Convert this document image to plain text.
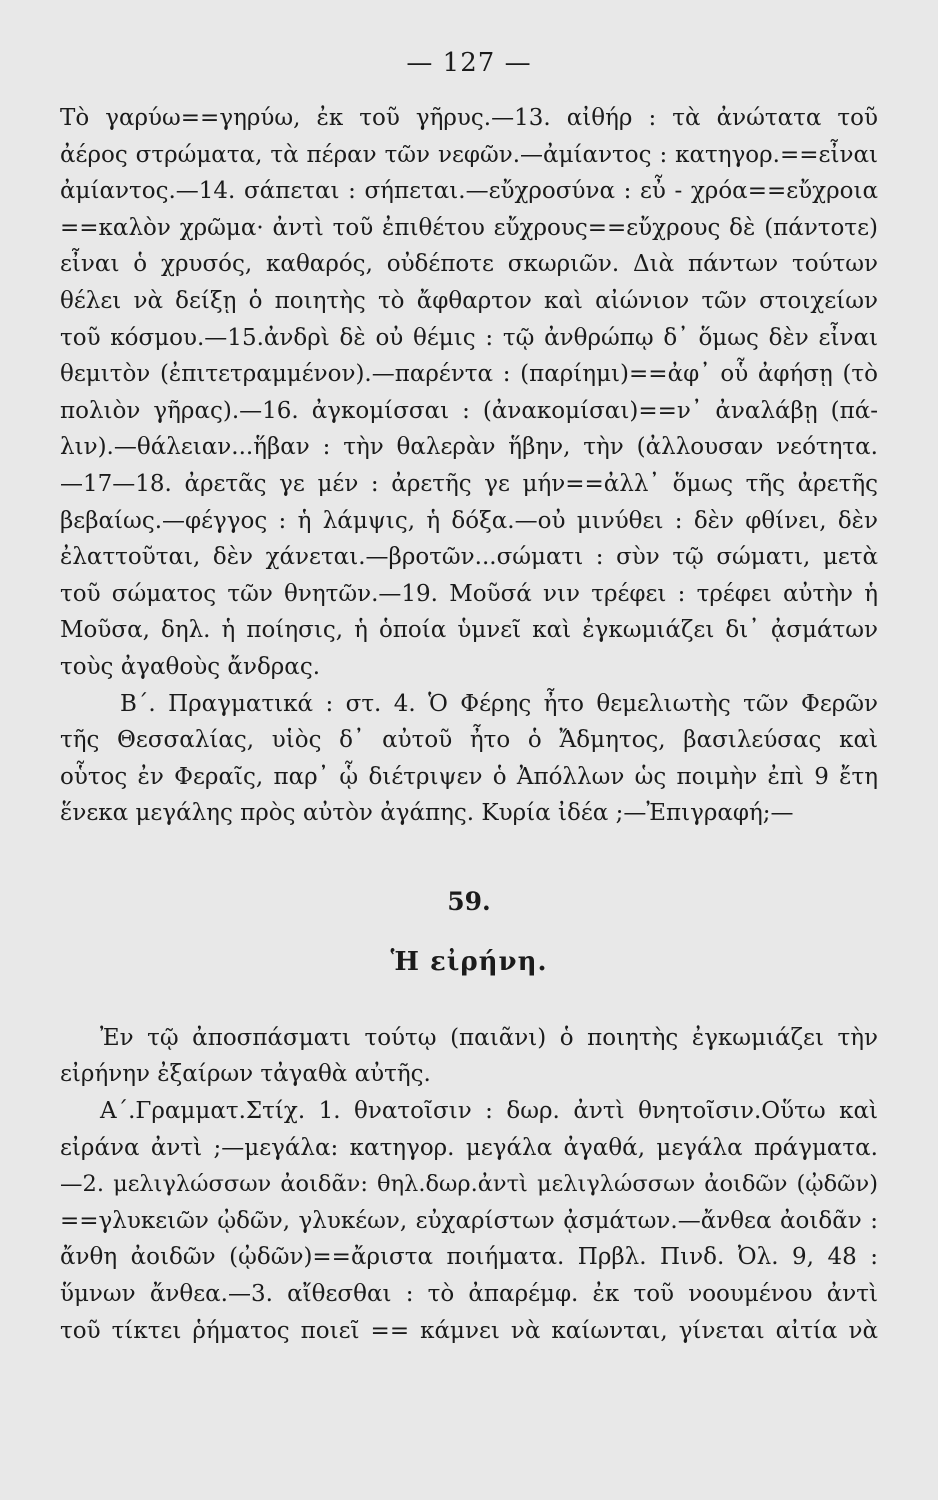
— 127 —
Τὸ γαρύω==γηρύω, ἐκ τοῦ γῆρυς.—13. αἰθήρ : τὰ ἀνώτατα τοῦ
ἀέρος στρώματα, τὰ πέραν τῶν νεφῶν.—ἀμίαντος : κατηγορ.==εἶναι
ἀμίαντος.—14. σάπεται : σήπεται.—εὔχροσύνα : εὖ - χρόα==εὔχροια
==καλὸν χρῶμα· ἀντὶ τοῦ ἐπιθέτου εὔχρους==εὔχρους δὲ (πάντοτε)
εἶναι ὁ χρυσός, καθαρός, οὐδέποτε σκωριῶν. Διὰ πάντων τούτων
θέλει νὰ δείξῃ ὁ ποιητὴς τὸ ἄφθαρτον καὶ αἰώνιον τῶν στοιχείων
τοῦ κόσμου.—15.ἀνδρὶ δὲ οὐ θέμις : τῷ ἀνθρώπῳ δ᾽ ὅμως δὲν εἶναι
θεμιτὸν (ἐπιτετραμμένον).—παρέντα : (παρίημι)==ἀφ᾽ οὗ ἀφήσῃ (τὸ
πολιὸν γῆρας).—16. ἀγκομίσσαι : (ἀνακομίσαι)==ν᾽ ἀναλάβῃ (πά-
λιν).—θάλειαν...ἥβαν : τὴν θαλερὰν ἥβην, τὴν (ἀλλουσαν νεότητα.
—17—18. ἀρετᾶς γε μέν : ἀρετῆς γε μήν==ἀλλ᾽ ὅμως τῆς ἀρετῆς
βεβαίως.—φέγγος : ἡ λάμψις, ἡ δόξα.—οὐ μινύθει : δὲν φθίνει, δὲν
ἐλαττοῦται, δὲν χάνεται.—βροτῶν...σώματι : σὺν τῷ σώματι, μετὰ
τοῦ σώματος τῶν θνητῶν.—19. Μοῦσά νιν τρέφει : τρέφει αὐτὴν ἡ
Μοῦσα, δηλ. ἡ ποίησις, ἡ ὁποία ὑμνεῖ καὶ ἐγκωμιάζει δι᾽ ᾀσμάτων
τοὺς ἀγαθοὺς ἄνδρας.
Β΄. Πραγματικά : στ. 4. Ὁ Φέρης ἦτο θεμελιωτὴς τῶν Φερῶν
τῆς Θεσσαλίας, υἱὸς δ᾽ αὐτοῦ ἦτο ὁ Ἄδμητος, βασιλεύσας καὶ
οὗτος ἐν Φεραῖς, παρ᾽ ᾧ διέτριψεν ὁ Ἀπόλλων ὡς ποιμὴν ἐπὶ 9 ἔτη
ἕνεκα μεγάλης πρὸς αὐτὸν ἀγάπης. Κυρία ἰδέα ;—Ἐπιγραφή;—
59.
Ἡ εἰρήνη.
Ἐν τῷ ἀποσπάσματι τούτῳ (παιᾶνι) ὁ ποιητὴς ἐγκωμιάζει τὴν
εἰρήνην ἐξαίρων τἀγαθὰ αὐτῆς.
Α΄.Γραμματ.Στίχ. 1. θνατοῖσιν : δωρ. ἀντὶ θνητοῖσιν.Οὕτω καὶ
εἰράνα ἀντὶ ;—μεγάλα: κατηγορ. μεγάλα ἀγαθά, μεγάλα πράγματα.
—2. μελιγλώσσων ἀοιδᾶν: θηλ.δωρ.ἀντὶ μελιγλώσσων ἀοιδῶν (ᾠδῶν)
==γλυκειῶν ᾠδῶν, γλυκέων, εὐχαρίστων ᾀσμάτων.—ἄνθεα ἀοιδᾶν :
ἄνθη ἀοιδῶν (ᾠδῶν)==ἄριστα ποιήματα. Πρβλ. Πινδ. Ὀλ. 9, 48 :
ὕμνων ἄνθεα.—3. αἴθεσθαι : τὸ ἀπαρέμφ. ἐκ τοῦ νοουμένου ἀντὶ
τοῦ τίκτει ῥήματος ποιεῖ == κάμνει νὰ καίωνται, γίνεται αἰτία νὰ
